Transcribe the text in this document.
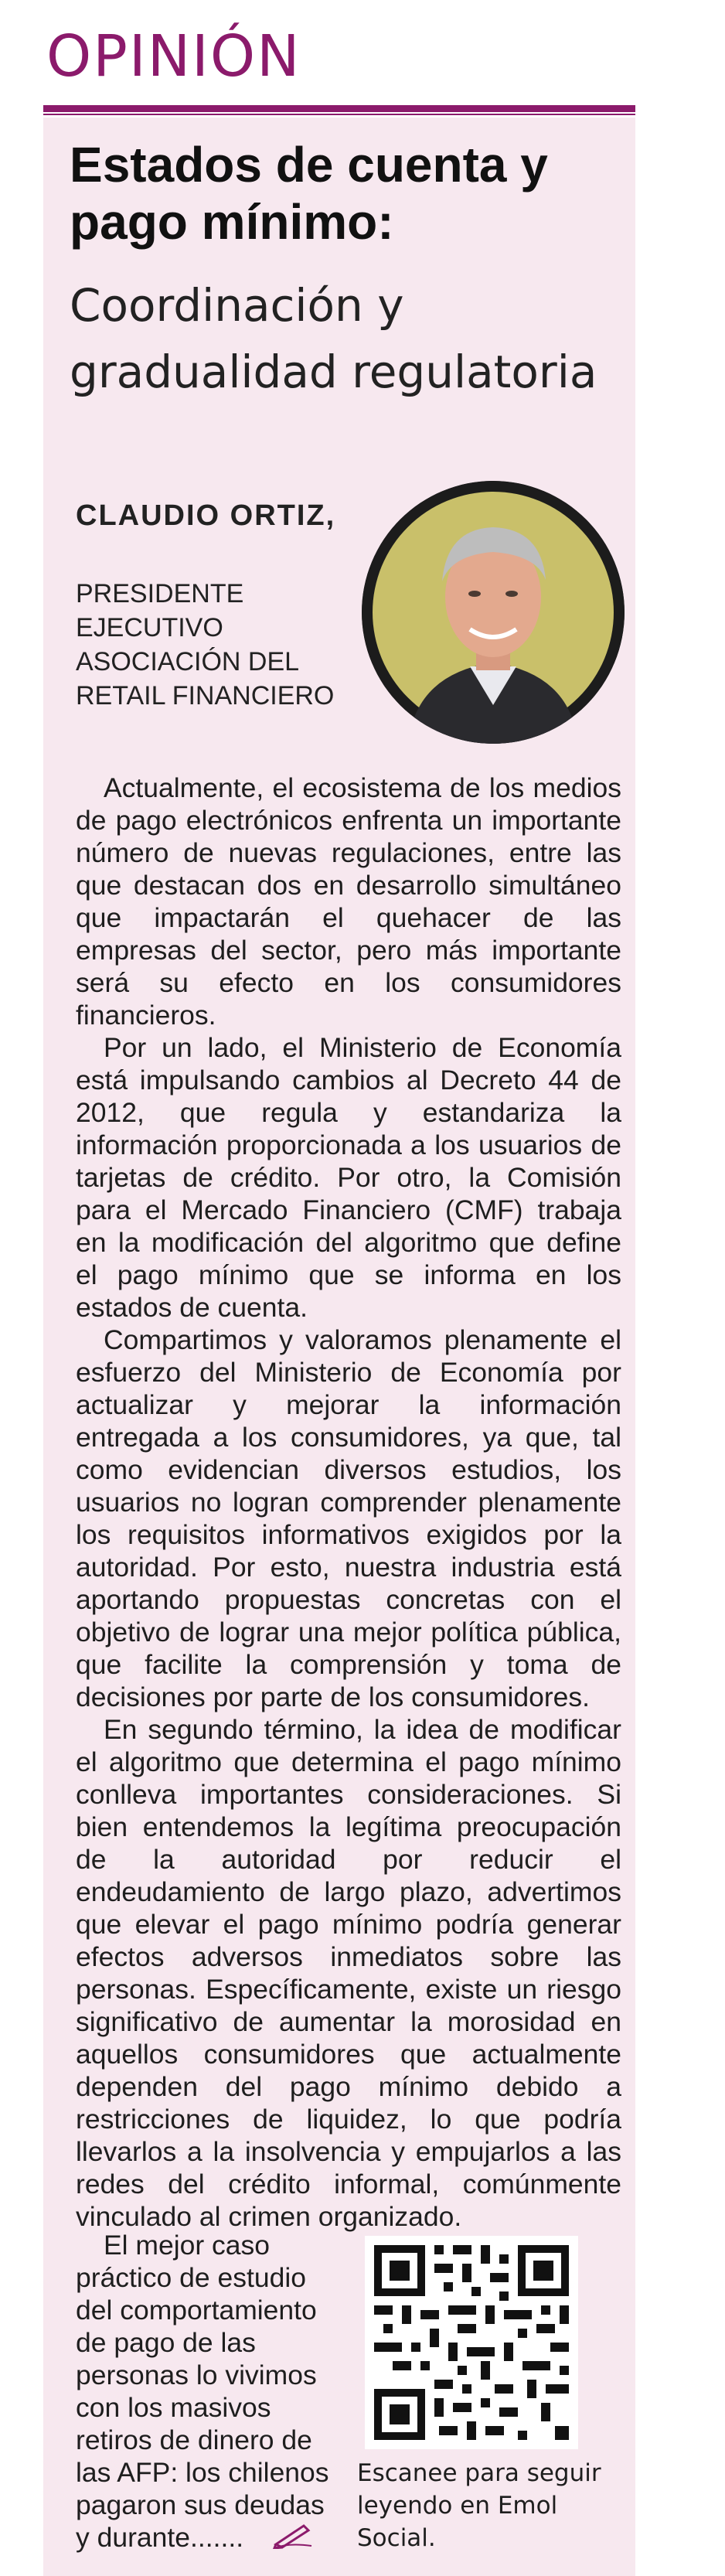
OPINIÓN
Estados de cuenta y pago mínimo:
Coordinación y gradualidad regulatoria
CLAUDIO ORTIZ,
PRESIDENTE EJECUTIVO ASOCIACIÓN DEL RETAIL FINANCIERO

Actualmente, el ecosistema de los medios de pago electrónicos enfrenta un importante número de nuevas regulaciones, entre las que destacan dos en desarrollo simultáneo que impactarán el quehacer de las empresas del sector, pero más importante será su efecto en los consumidores financieros.

Por un lado, el Ministerio de Economía está impulsando cambios al Decreto 44 de 2012, que regula y estandariza la información proporcionada a los usuarios de tarjetas de crédito. Por otro, la Comisión para el Mercado Financiero (CMF) trabaja en la modificación del algoritmo que define el pago mínimo que se informa en los estados de cuenta.

Compartimos y valoramos plenamente el esfuerzo del Ministerio de Economía por actualizar y mejorar la información entregada a los consumidores, ya que, tal como evidencian diversos estudios, los usuarios no logran comprender plenamente los requisitos informativos exigidos por la autoridad. Por esto, nuestra industria está aportando propuestas concretas con el objetivo de lograr una mejor política pública, que facilite la comprensión y toma de decisiones por parte de los consumidores.

En segundo término, la idea de modificar el algoritmo que determina el pago mínimo conlleva importantes consideraciones. Si bien entendemos la legítima preocupación de la autoridad por reducir el endeudamiento de largo plazo, advertimos que elevar el pago mínimo podría generar efectos adversos inmediatos sobre las personas. Específicamente, existe un riesgo significativo de aumentar la morosidad en aquellos consumidores que actualmente dependen del pago mínimo debido a restricciones de liquidez, lo que podría llevarlos a la insolvencia y empujarlos a las redes del crédito informal, comúnmente vinculado al crimen organizado.

El mejor caso práctico de estudio del comportamiento de pago de las personas lo vivimos con los masivos retiros de dinero de las AFP: los chilenos pagaron sus deudas y durante.......

Escanee para seguir leyendo en Emol Social.
